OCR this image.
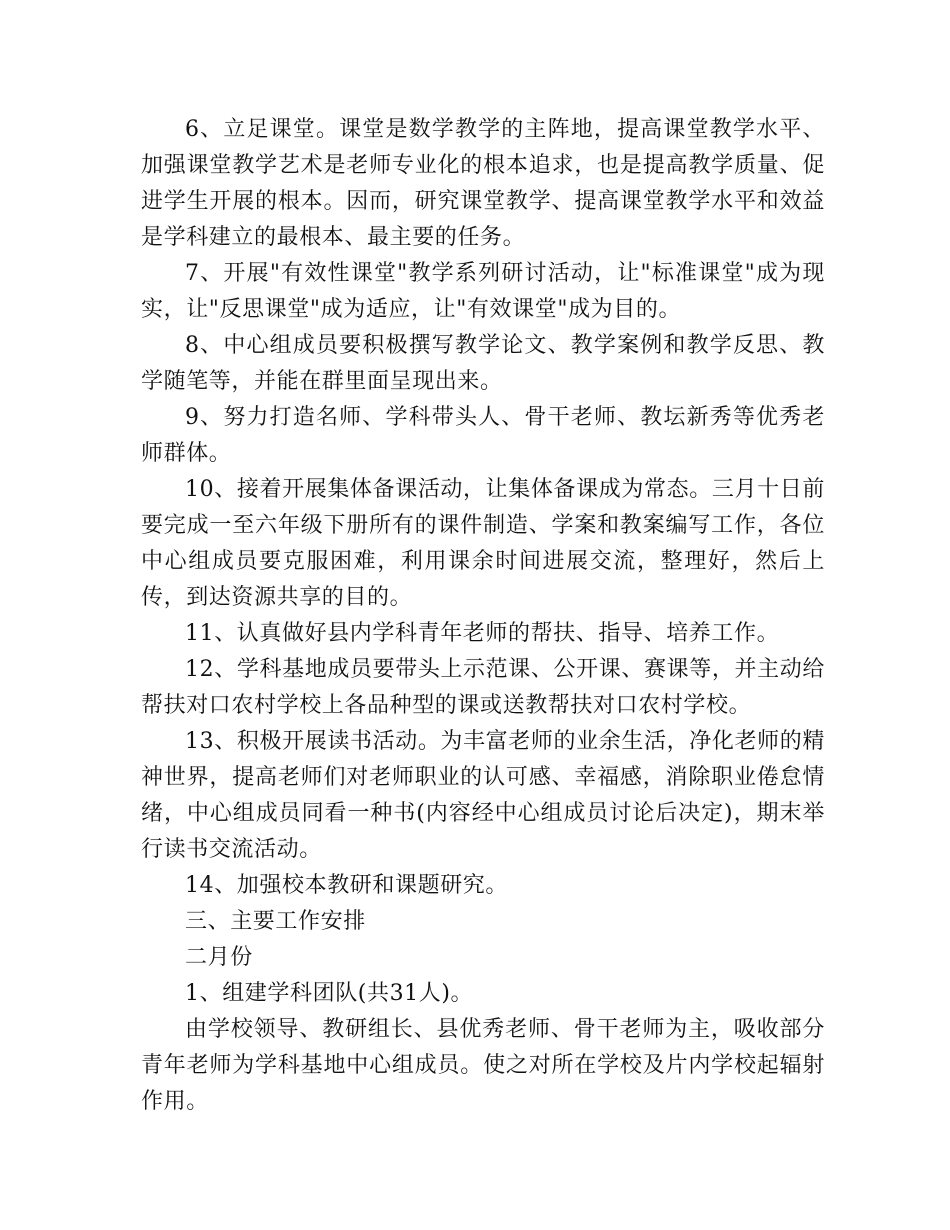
6、立足课堂。课堂是数学教学的主阵地，提高课堂教学水平、加强课堂教学艺术是老师专业化的根本追求，也是提高教学质量、促进学生开展的根本。因而，研究课堂教学、提高课堂教学水平和效益是学科建立的最根本、最主要的任务。

7、开展"有效性课堂"教学系列研讨活动，让"标准课堂"成为现实，让"反思课堂"成为适应，让"有效课堂"成为目的。

8、中心组成员要积极撰写教学论文、教学案例和教学反思、教学随笔等，并能在群里面呈现出来。

9、努力打造名师、学科带头人、骨干老师、教坛新秀等优秀老师群体。

10、接着开展集体备课活动，让集体备课成为常态。三月十日前要完成一至六年级下册所有的课件制造、学案和教案编写工作，各位中心组成员要克服困难，利用课余时间进展交流，整理好，然后上传，到达资源共享的目的。

11、认真做好县内学科青年老师的帮扶、指导、培养工作。

12、学科基地成员要带头上示范课、公开课、赛课等，并主动给帮扶对口农村学校上各品种型的课或送教帮扶对口农村学校。

13、积极开展读书活动。为丰富老师的业余生活，净化老师的精神世界，提高老师们对老师职业的认可感、幸福感，消除职业倦怠情绪，中心组成员同看一种书(内容经中心组成员讨论后决定)，期末举行读书交流活动。

14、加强校本教研和课题研究。

三、主要工作安排

二月份

1、组建学科团队(共31人)。

由学校领导、教研组长、县优秀老师、骨干老师为主，吸收部分青年老师为学科基地中心组成员。使之对所在学校及片内学校起辐射作用。
